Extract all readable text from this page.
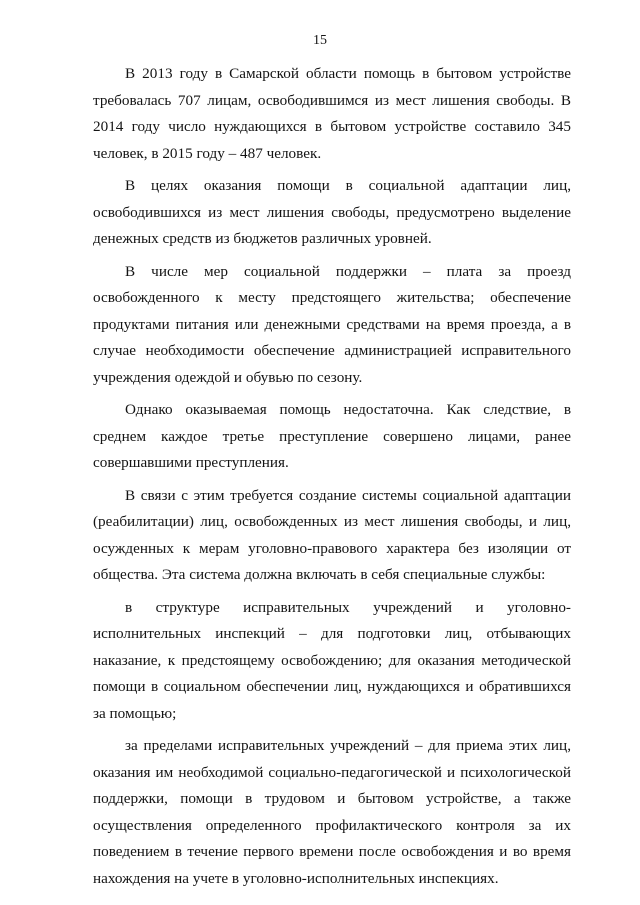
15

В 2013 году в Самарской области помощь в бытовом устройстве требовалась 707 лицам, освободившимся из мест лишения свободы. В 2014 году число нуждающихся в бытовом устройстве составило 345 человек, в 2015 году – 487 человек.

В целях оказания помощи в социальной адаптации лиц, освободившихся из мест лишения свободы, предусмотрено выделение денежных средств из бюджетов различных уровней.

В числе мер социальной поддержки – плата за проезд освобожденного к месту предстоящего жительства; обеспечение продуктами питания или денежными средствами на время проезда, а в случае необходимости обеспечение администрацией исправительного учреждения одеждой и обувью по сезону.

Однако оказываемая помощь недостаточна. Как следствие, в среднем каждое третье преступление совершено лицами, ранее совершавшими преступления.

В связи с этим требуется создание системы социальной адаптации (реабилитации) лиц, освобожденных из мест лишения свободы, и лиц, осужденных к мерам уголовно-правового характера без изоляции от общества. Эта система должна включать в себя специальные службы:

в структуре исправительных учреждений и уголовно-исполнительных инспекций – для подготовки лиц, отбывающих наказание, к предстоящему освобождению; для оказания методической помощи в социальном обеспечении лиц, нуждающихся и обратившихся за помощью;

за пределами исправительных учреждений – для приема этих лиц, оказания им необходимой социально-педагогической и психологической поддержки, помощи в трудовом и бытовом устройстве, а также осуществления определенного профилактического контроля за их поведением в течение первого времени после освобождения и во время нахождения на учете в уголовно-исполнительных инспекциях.
